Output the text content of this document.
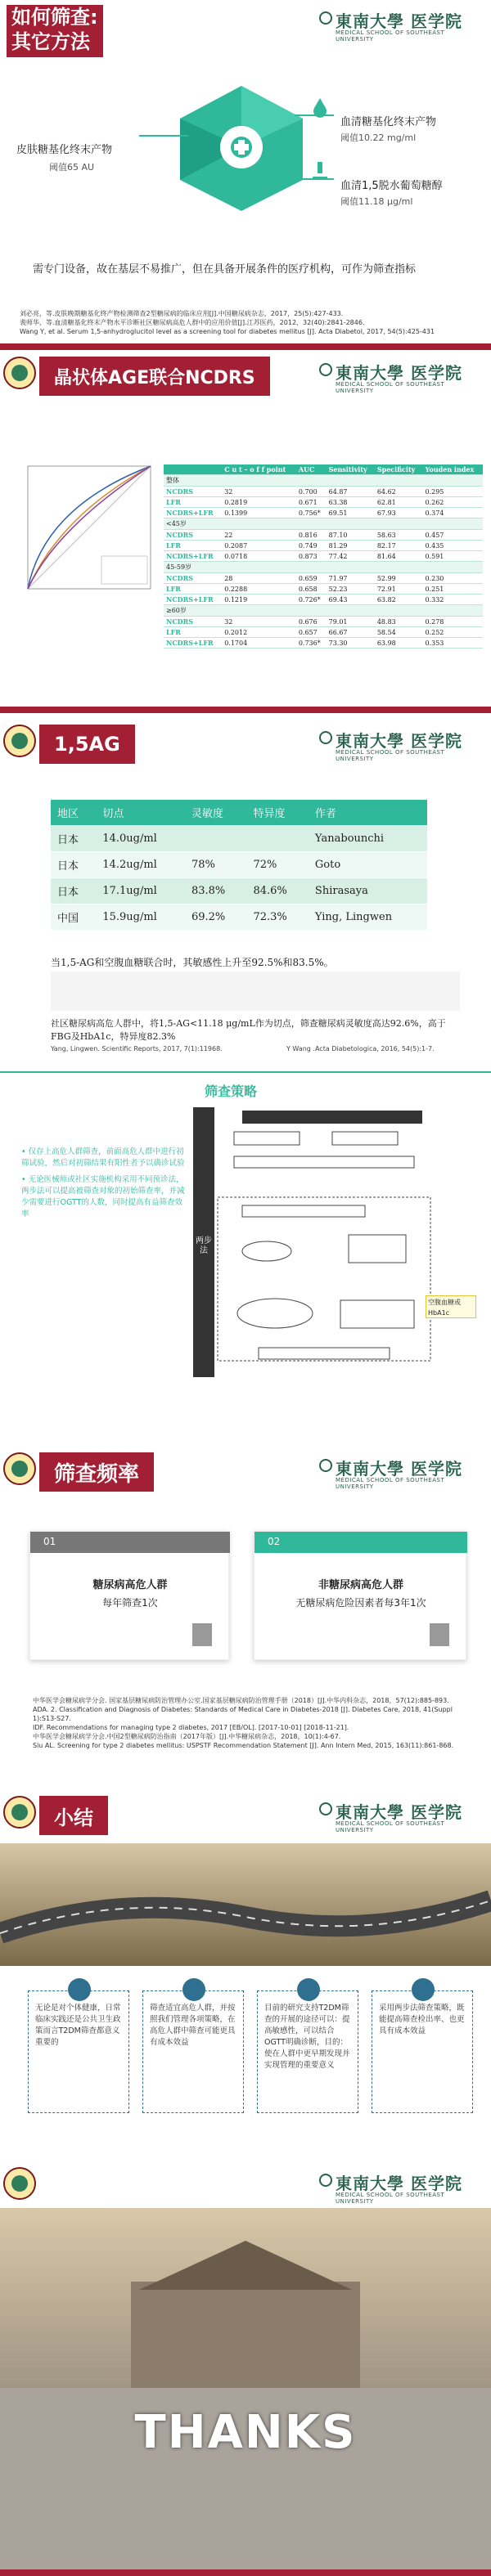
如何筛查:
其它方法
東南大學 医学院
MEDICAL SCHOOL OF SOUTHEAST UNIVERSITY
皮肤糖基化终末产物
阈值65 AU
血清糖基化终末产物
阈值10.22 mg/ml
血清1,5脱水葡萄糖醇
阈值11.18 μg/ml
需专门设备，故在基层不易推广，但在具备开展条件的医疗机构，可作为筛查指标
刘必亮，等.皮肤晚期糖基化终产物检测筛查2型糖尿病的临床应用[J].中国糖尿病杂志，2017，25(5):427-433.
裴师华，等.血清糖基化终末产物水平诊断社区糖尿病高危人群中的应用价值[J].江苏医药，2012，32(40):2841-2846.
Wang Y, et al. Serum 1,5-anhydroglucitol level as a screening tool for diabetes mellitus [J]. Acta Diabetol, 2017, 54(5):425-431
晶状体AGE联合NCDRS	東南大學 医学院
MEDICAL SCHOOL OF SOUTHEAST UNIVERSITY
	C u t – o f f point	AUC	Sensitivity	Specificity	Youden index
整体					
NCDRS	32	0.700	64.87	64.62	0.295
LFR	0.2819	0.671	63.38	62.81	0.262
NCDRS+LFR	0.1399	0.756*	69.51	67.93	0.374
<45岁					
NCDRS	22	0.816	87.10	58.63	0.457
LFR	0.2087	0.749	81.29	82.17	0.435
NCDRS+LFR	0.0718	0.873	77.42	81.64	0.591
45-59岁					
NCDRS	28	0.659	71.97	52.99	0.230
LFR	0.2288	0.658	52.23	72.91	0.251
NCDRS+LFR	0.1219	0.726*	69.43	63.82	0.332
≥60岁					
NCDRS	32	0.676	79.01	48.83	0.278
LFR	0.2012	0.657	66.67	58.54	0.252
NCDRS+LFR	0.1704	0.736*	73.30	63.98	0.353
1,5AG	東南大學 医学院
MEDICAL SCHOOL OF SOUTHEAST UNIVERSITY
地区	切点	灵敏度	特异度	作者
日本	14.0ug/ml			Yanabounchi
日本	14.2ug/ml	78%	72%	Goto
日本	17.1ug/ml	83.8%	84.6%	Shirasaya
中国	15.9ug/ml	69.2%	72.3%	Ying, Lingwen
当1,5-AG和空腹血糖联合时，其敏感性上升至92.5%和83.5%。
社区糖尿病高危人群中，将1,5-AG<11.18 μg/mL作为切点，筛查糖尿病灵敏度高达92.6%，高于FBG及HbA1c，特异度82.3%
Yang, Lingwen. Scientific Reports, 2017, 7(1):11968.	Y Wang .Acta Diabetologica, 2016, 54(5):1-7.
筛查策略
• 仅存上高危人群筛查，前面高危人群中进行初筛试验，然后对初筛结果有阳性者予以确诊试验
• 无论医械师或社区实施机构采用不同预诊法，两步法可以提高被筛查对象的初始筛查率，并减少需要进行OGTT的人数，同时提高有益筛查效率
两步法
空腹血糖或HbA1c
筛查频率	東南大學 医学院
MEDICAL SCHOOL OF SOUTHEAST UNIVERSITY
01
糖尿病高危人群
每年筛查1次
02
非糖尿病高危人群
无糖尿病危险因素者每3年1次
中华医学会糖尿病学分会. 国家基层糖尿病防治管理办公室.国家基层糖尿病防治管理手册（2018）[J].中华内科杂志，2018，57(12):885-893.
ADA. 2. Classification and Diagnosis of Diabetes: Standards of Medical Care in Diabetes-2018 [J]. Diabetes Care, 2018, 41(Suppl 1):S13-S27.
IDF. Recommendations for managing type 2 diabetes, 2017 [EB/OL]. [2017-10-01] [2018-11-21].
中华医学会糖尿病学分会.中国2型糖尿病防治指南（2017年版）[J].中华糖尿病杂志，2018，10(1):4-67.
Siu AL. Screening for type 2 diabetes mellitus: USPSTF Recommendation Statement [J]. Ann Intern Med, 2015, 163(11):861-868.
小结	東南大學 医学院
MEDICAL SCHOOL OF SOUTHEAST UNIVERSITY
无论是对个体健康，日常临床实践还是公共卫生政策而言T2DM筛查都意义重要的
筛查适宜高危人群，并按照我们管理各项策略，在高危人群中筛查可能更具有成本效益
目前的研究支持T2DM筛查的开展的途径可以：提高敏感性，可以结合OGTT明确诊断，目的：使在人群中更早期发现并实现管理的重要意义
采用两步法筛查策略，既能提高筛查检出率、也更具有成本效益
東南大學 医学院
MEDICAL SCHOOL OF SOUTHEAST UNIVERSITY
THANKS
